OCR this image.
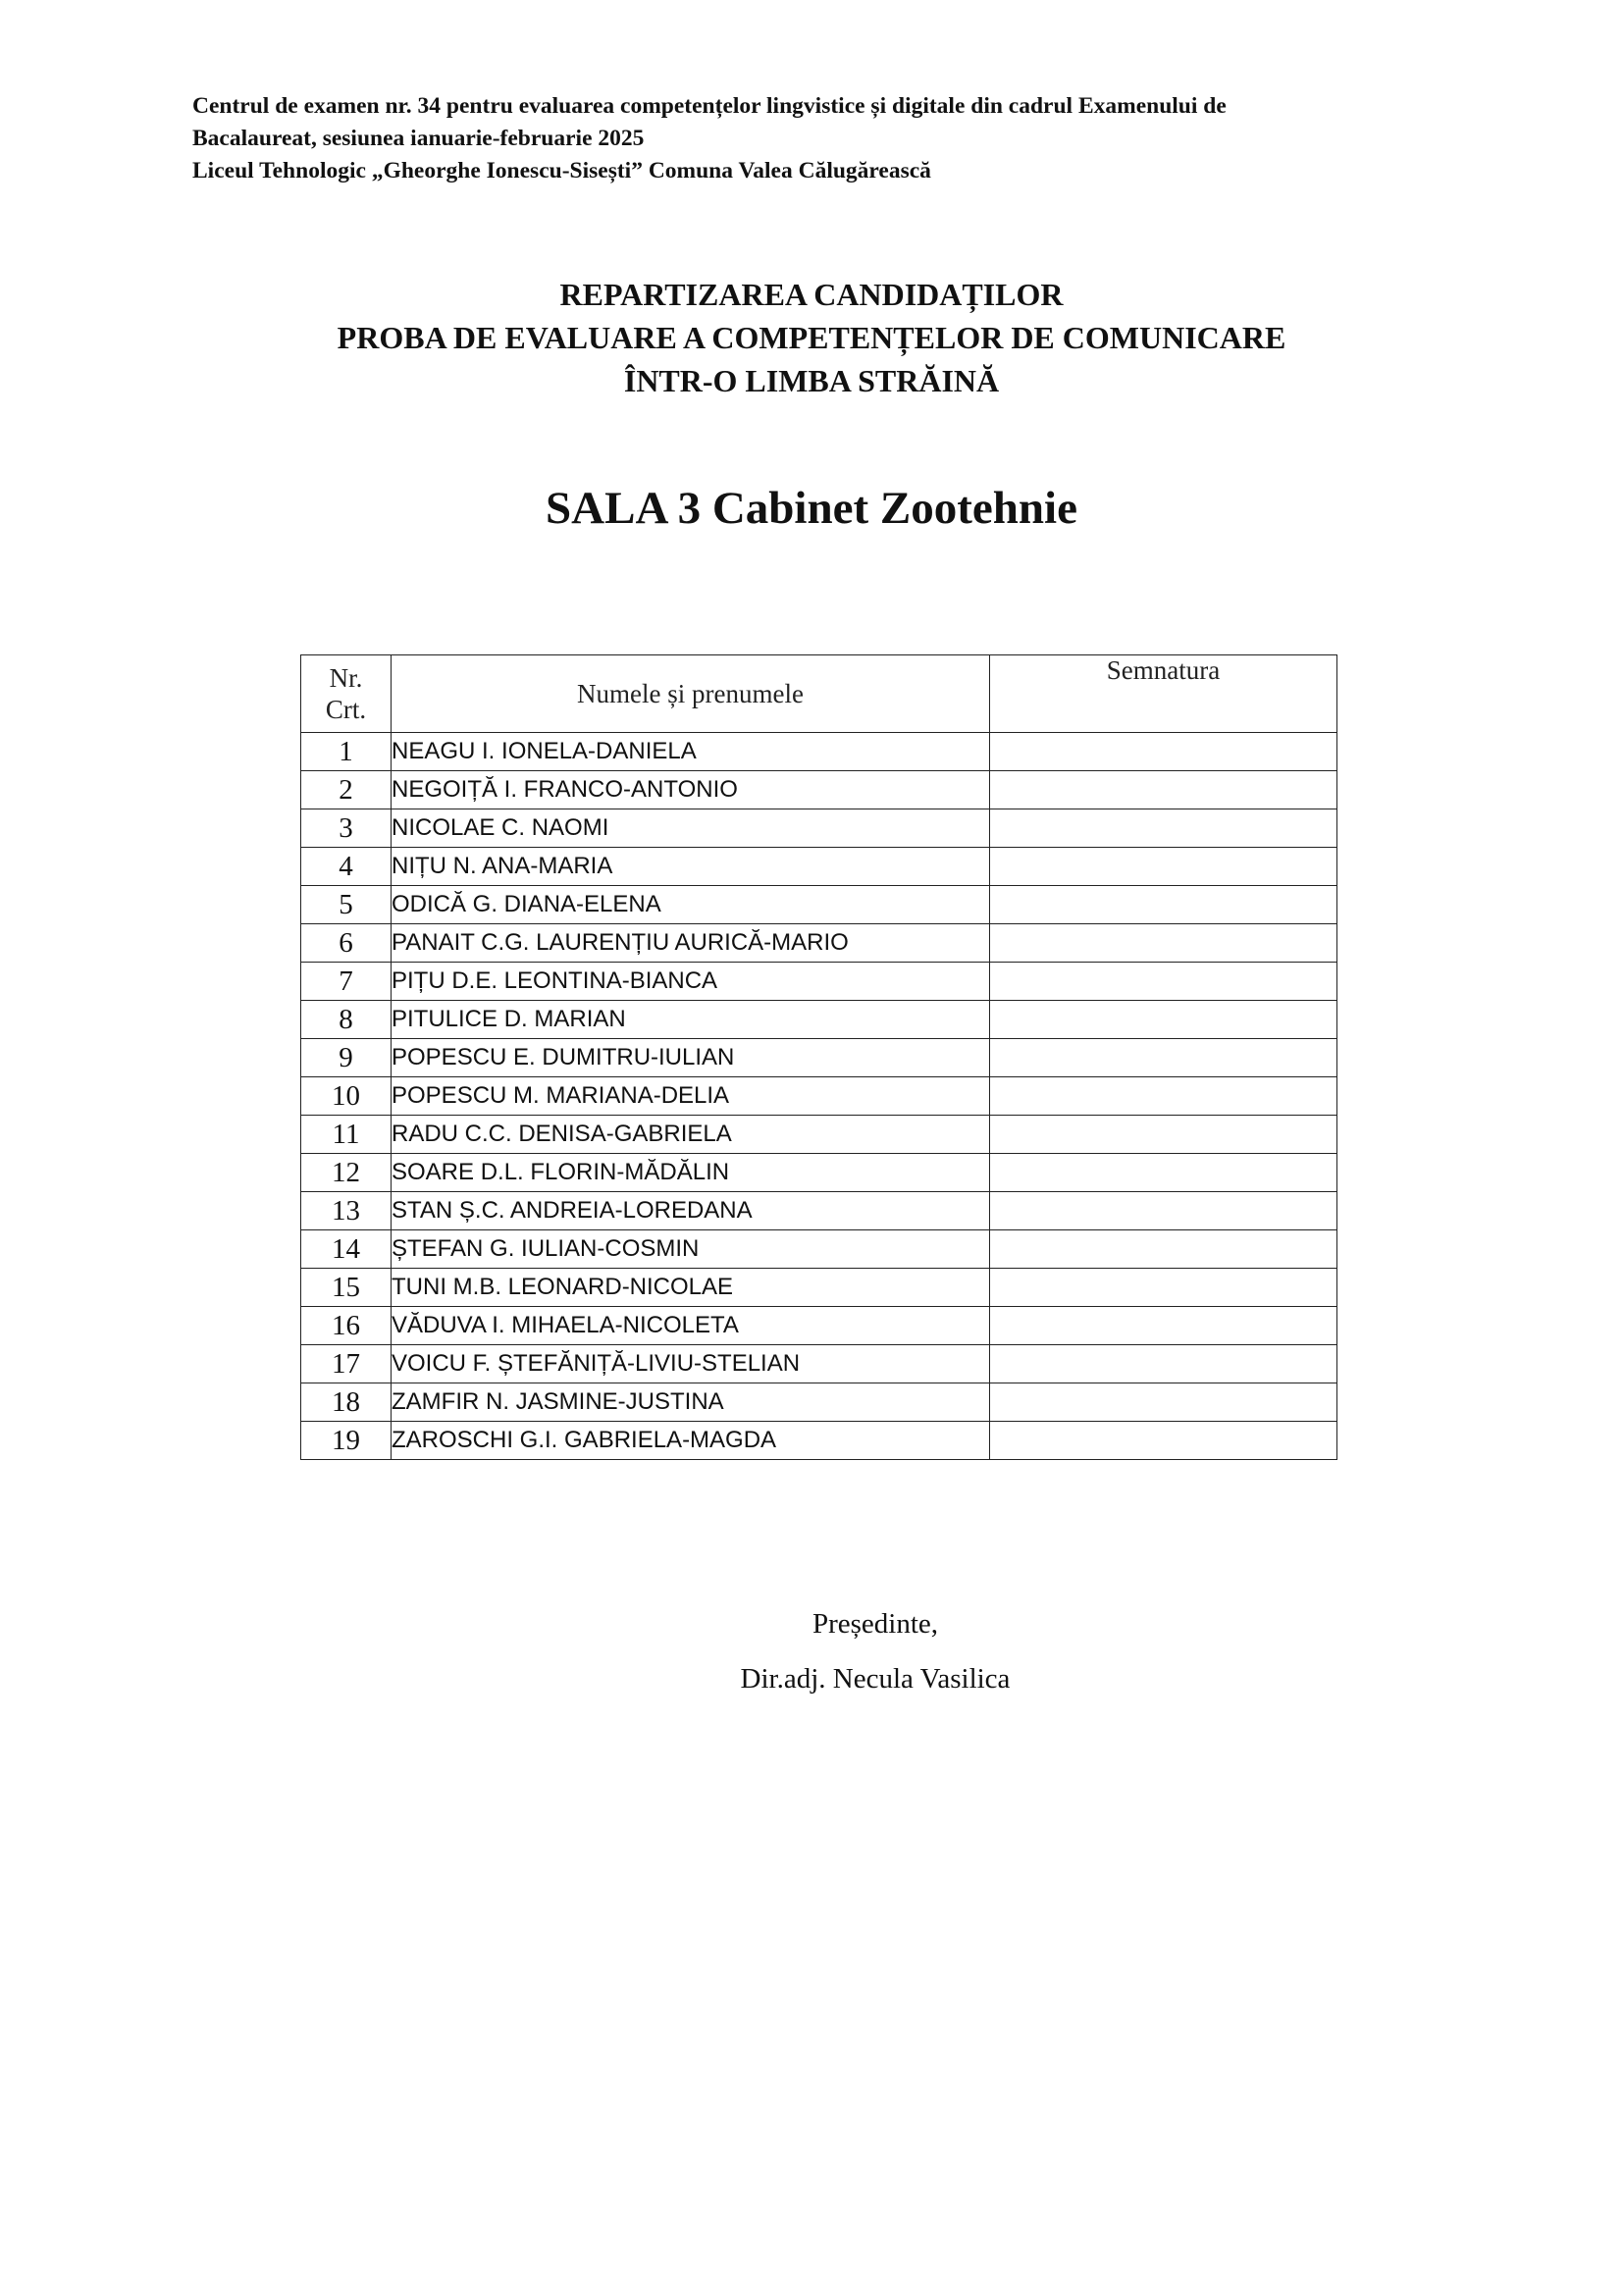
Centrul de examen nr. 34 pentru evaluarea competențelor lingvistice și digitale din cadrul Examenului de
Bacalaureat, sesiunea ianuarie-februarie 2025
Liceul Tehnologic „Gheorghe Ionescu-Sisești” Comuna Valea Călugărească
REPARTIZAREA CANDIDAȚILOR
PROBA DE EVALUARE A COMPETENȚELOR DE COMUNICARE
ÎNTR-O LIMBA STRĂINĂ
SALA 3 Cabinet Zootehnie
Nr.
Crt.	Numele și prenumele	Semnatura
1	NEAGU I. IONELA-DANIELA	
2	NEGOIȚĂ I. FRANCO-ANTONIO	
3	NICOLAE C. NAOMI	
4	NIȚU N. ANA-MARIA	
5	ODICĂ G. DIANA-ELENA	
6	PANAIT C.G. LAURENȚIU AURICĂ-MARIO	
7	PIȚU D.E. LEONTINA-BIANCA	
8	PITULICE D. MARIAN	
9	POPESCU E. DUMITRU-IULIAN	
10	POPESCU M. MARIANA-DELIA	
11	RADU C.C. DENISA-GABRIELA	
12	SOARE D.L. FLORIN-MĂDĂLIN	
13	STAN Ș.C. ANDREIA-LOREDANA	
14	ȘTEFAN G. IULIAN-COSMIN	
15	TUNI M.B. LEONARD-NICOLAE	
16	VĂDUVA I. MIHAELA-NICOLETA	
17	VOICU F. ȘTEFĂNIȚĂ-LIVIU-STELIAN	
18	ZAMFIR N. JASMINE-JUSTINA	
19	ZAROSCHI G.I. GABRIELA-MAGDA	
Președinte,
Dir.adj. Necula Vasilica
